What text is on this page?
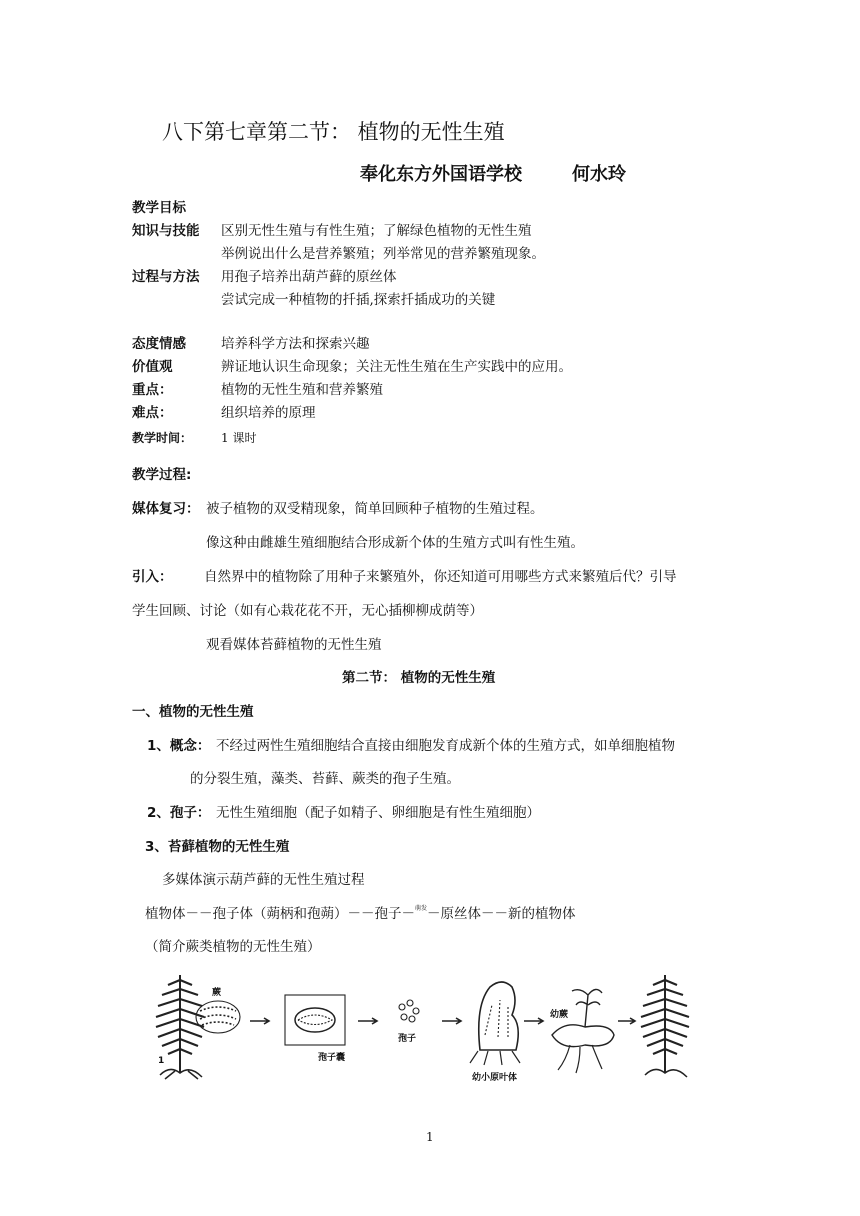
八下第七章第二节： 植物的无性生殖
奉化东方外国语学校	何水玲
教学目标
知识与技能 区别无性生殖与有性生殖；了解绿色植物的无性生殖
举例说出什么是营养繁殖；列举常见的营养繁殖现象。
过程与方法 用孢子培养出葫芦藓的原丝体
尝试完成一种植物的扦插,探索扦插成功的关键
态度情感	培养科学方法和探索兴趣
价值观	辨证地认识生命现象；关注无性生殖在生产实践中的应用。
重点：	植物的无性生殖和营养繁殖
难点：	组织培养的原理
教学时间： 1 课时
教学过程:
媒体复习： 被子植物的双受精现象，简单回顾种子植物的生殖过程。
像这种由雌雄生殖细胞结合形成新个体的生殖方式叫有性生殖。
引入： 自然界中的植物除了用种子来繁殖外，你还知道可用哪些方式来繁殖后代？引导
学生回顾、讨论（如有心栽花花不开，无心插柳柳成荫等）
观看媒体苔藓植物的无性生殖
第二节： 植物的无性生殖
一、植物的无性生殖
1、概念： 不经过两性生殖细胞结合直接由细胞发育成新个体的生殖方式，如单细胞植物
的分裂生殖，藻类、苔藓、蕨类的孢子生殖。
2、孢子： 无性生殖细胞（配子如精子、卵细胞是有性生殖细胞）
3、苔藓植物的无性生殖
多媒体演示葫芦藓的无性生殖过程
植物体－－孢子体（蒴柄和孢蒴）－－孢子－$^{萌发}$－原丝体－－新的植物体
（简介蕨类植物的无性生殖）
蕨
1	孢子囊
孢子
幼小原叶体
幼蕨
1
